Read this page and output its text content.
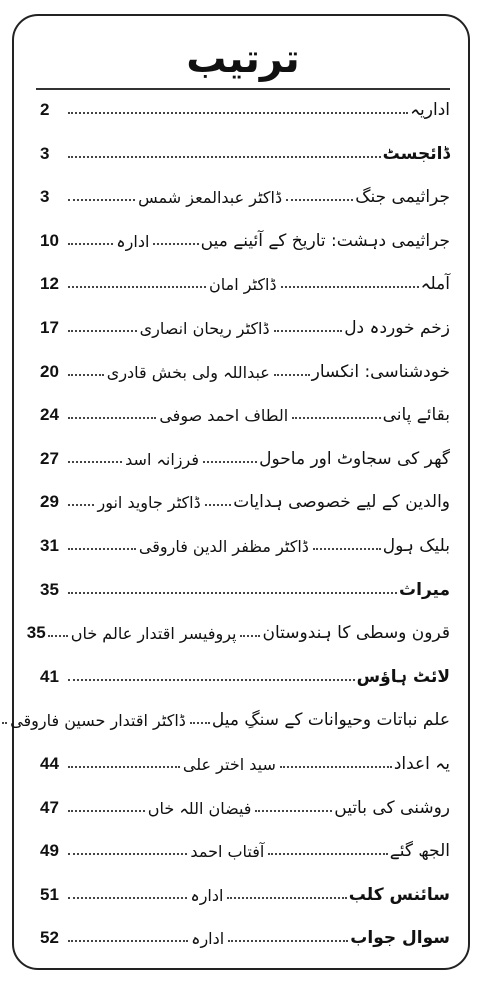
ترتیب
اداریہ
2
ڈائجسٹ
3
جراثیمی جنگ
ڈاکٹر عبدالمعز شمس
3
جراثیمی دہشت: تاریخ کے آئینے میں
ادارہ
10
آملہ
ڈاکٹر امان
12
زخم خوردہ دل
ڈاکٹر ریحان انصاری
17
خودشناسی: انکسار
عبداللہ ولی بخش قادری
20
بقائے پانی
الطاف احمد صوفی
24
گھر کی سجاوٹ اور ماحول
فرزانہ اسد
27
والدین کے لیے خصوصی ہدایات
ڈاکٹر جاوید انور
29
بلیک ہول
ڈاکٹر مظفر الدین فاروقی
31
میراث
35
قرون وسطی کا ہندوستان
پروفیسر اقتدار عالم خاں
35
لائٹ ہاؤس
41
علم نباتات وحیوانات کے سنگِ میل
ڈاکٹر اقتدار حسین فاروقی
یہ اعداد
سید اختر علی
44
روشنی کی باتیں
فیضان اللہ خاں
47
الجھ گئے
آفتاب احمد
49
سائنس کلب
ادارہ
51
سوال جواب
ادارہ
52
